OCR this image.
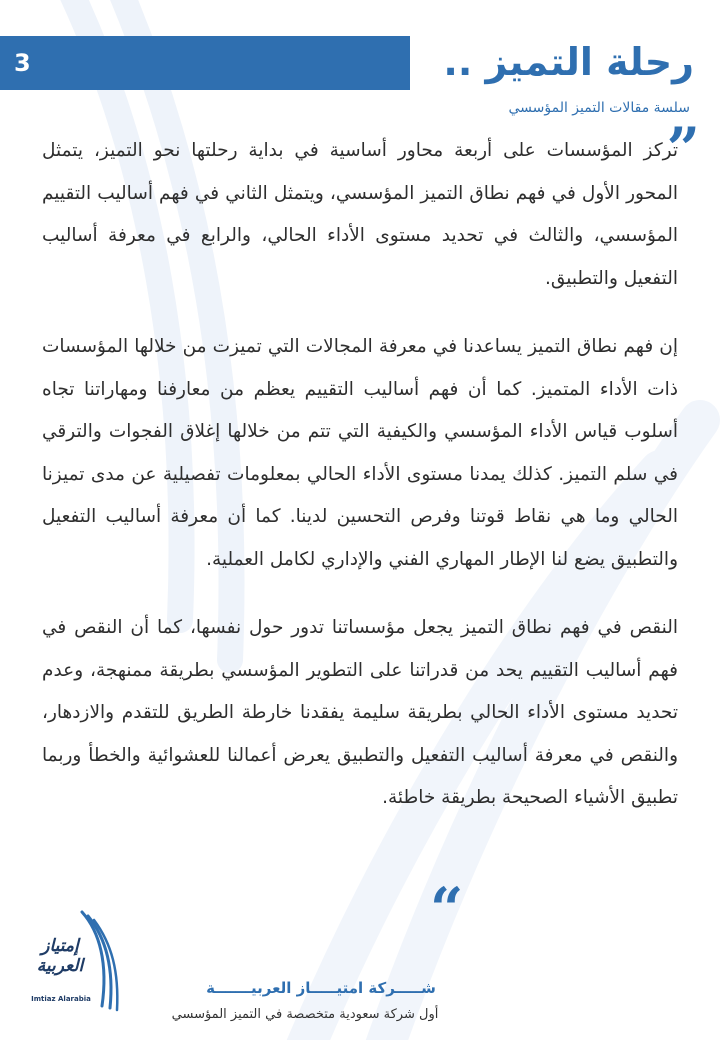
3	رحلة التميز ..
سلسة مقالات التميز المؤسسي
”

تركز المؤسسات على أربعة محاور أساسية في بداية رحلتها نحو التميز، يتمثل المحور الأول في فهم نطاق التميز المؤسسي، ويتمثل الثاني في فهم أساليب التقييم المؤسسي، والثالث في تحديد مستوى الأداء الحالي، والرابع في معرفة أساليب التفعيل والتطبيق.

إن فهم نطاق التميز يساعدنا في معرفة المجالات التي تميزت من خلالها المؤسسات ذات الأداء المتميز. كما أن فهم أساليب التقييم يعظم من معارفنا ومهاراتنا تجاه أسلوب قياس الأداء المؤسسي والكيفية التي تتم من خلالها إغلاق الفجوات والترقي في سلم التميز. كذلك يمدنا مستوى الأداء الحالي بمعلومات تفصيلية عن مدى تميزنا الحالي وما هي نقاط قوتنا وفرص التحسين لدينا. كما أن معرفة أساليب التفعيل والتطبيق يضع لنا الإطار المهاري الفني والإداري لكامل العملية.

النقص في فهم نطاق التميز يجعل مؤسساتنا تدور حول نفسها، كما أن النقص في فهم أساليب التقييم يحد من قدراتنا على التطوير المؤسسي بطريقة ممنهجة، وعدم تحديد مستوى الأداء الحالي بطريقة سليمة يفقدنا خارطة الطريق للتقدم والازدهار، والنقص في معرفة أساليب التفعيل والتطبيق يعرض أعمالنا للعشوائية والخطأ وربما تطبيق الأشياء الصحيحة بطريقة خاطئة.

“
إمتياز
العربية
Imtiaz Alarabia
شـــــركة امتيـــــاز العربيـــــــة
أول شركة سعودية متخصصة في التميز المؤسسي
